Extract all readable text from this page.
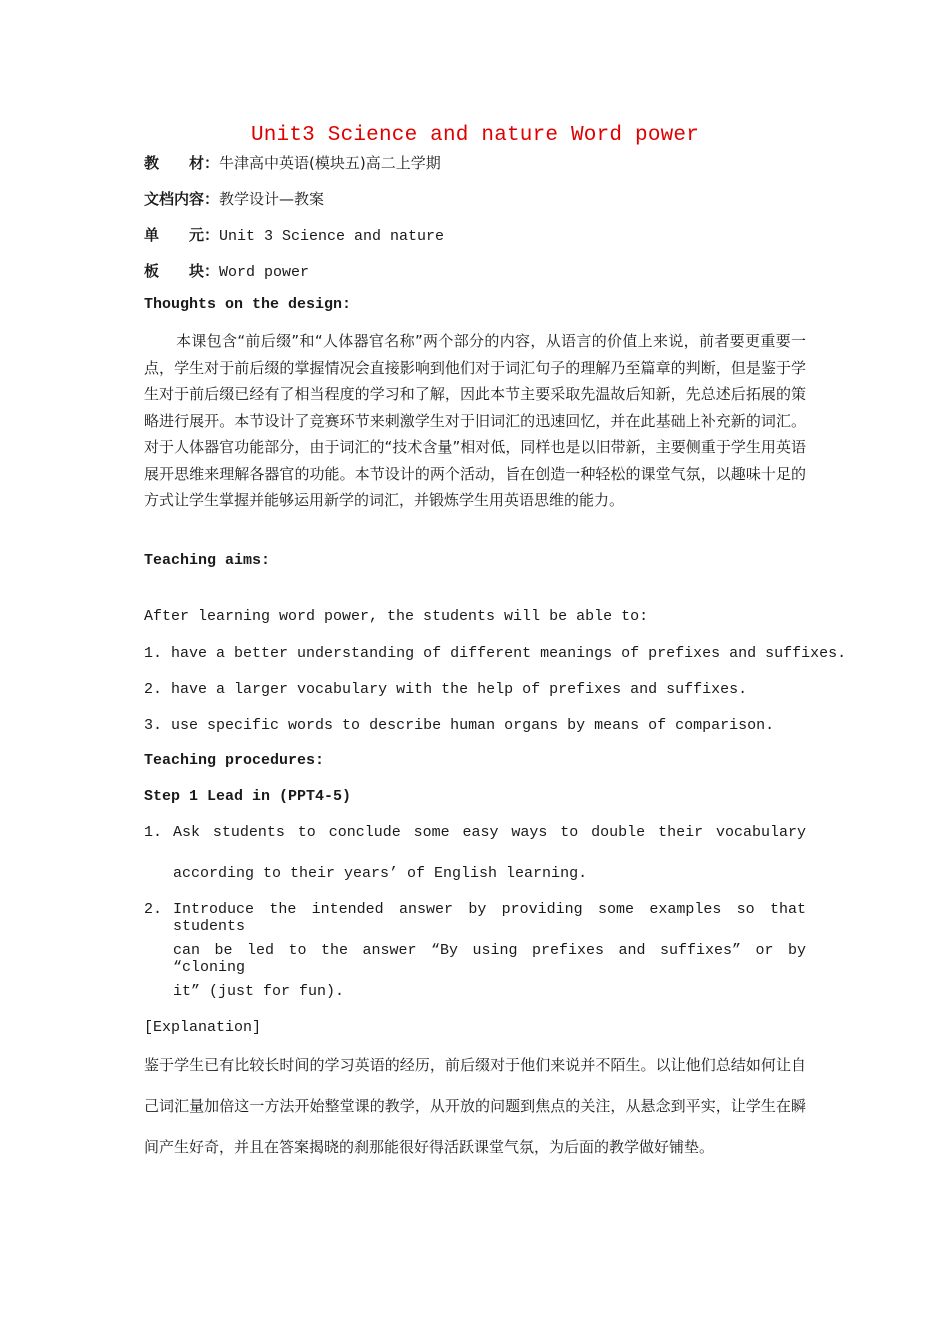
Unit3 Science and nature Word power
教　　材：牛津高中英语(模块五)高二上学期
文档内容：教学设计—教案
单　　元：Unit 3 Science and nature
板　　块：Word power
Thoughts on the design:
本课包含“前后缀”和“人体器官名称”两个部分的内容，从语言的价值上来说，前者要更重要一点，学生对于前后缀的掌握情况会直接影响到他们对于词汇句子的理解乃至篇章的判断，但是鉴于学生对于前后缀已经有了相当程度的学习和了解，因此本节主要采取先温故后知新，先总述后拓展的策略进行展开。本节设计了竞赛环节来刺激学生对于旧词汇的迅速回忆，并在此基础上补充新的词汇。对于人体器官功能部分，由于词汇的“技术含量”相对低，同样也是以旧带新，主要侧重于学生用英语展开思维来理解各器官的功能。本节设计的两个活动，旨在创造一种轻松的课堂气氛，以趣味十足的方式让学生掌握并能够运用新学的词汇，并锻炼学生用英语思维的能力。
Teaching aims:
After learning word power, the students will be able to:
1. have a better understanding of different meanings of prefixes and suffixes.
2. have a larger vocabulary with the help of prefixes and suffixes.
3. use specific words to describe human organs by means of comparison.
Teaching procedures:
Step 1 Lead in (PPT4-5)
1. Ask students to conclude some easy ways to double their vocabulary
according to their years’ of English learning.
2. Introduce the intended answer by providing some examples so that students
can be led to the answer “By using prefixes and suffixes” or by “cloning
it” (just for fun).
[Explanation]
鉴于学生已有比较长时间的学习英语的经历，前后缀对于他们来说并不陌生。以让他们总结如何让自己词汇量加倍这一方法开始整堂课的教学，从开放的问题到焦点的关注，从悬念到平实，让学生在瞬间产生好奇，并且在答案揭晓的刹那能很好得活跃课堂气氛，为后面的教学做好铺垫。
